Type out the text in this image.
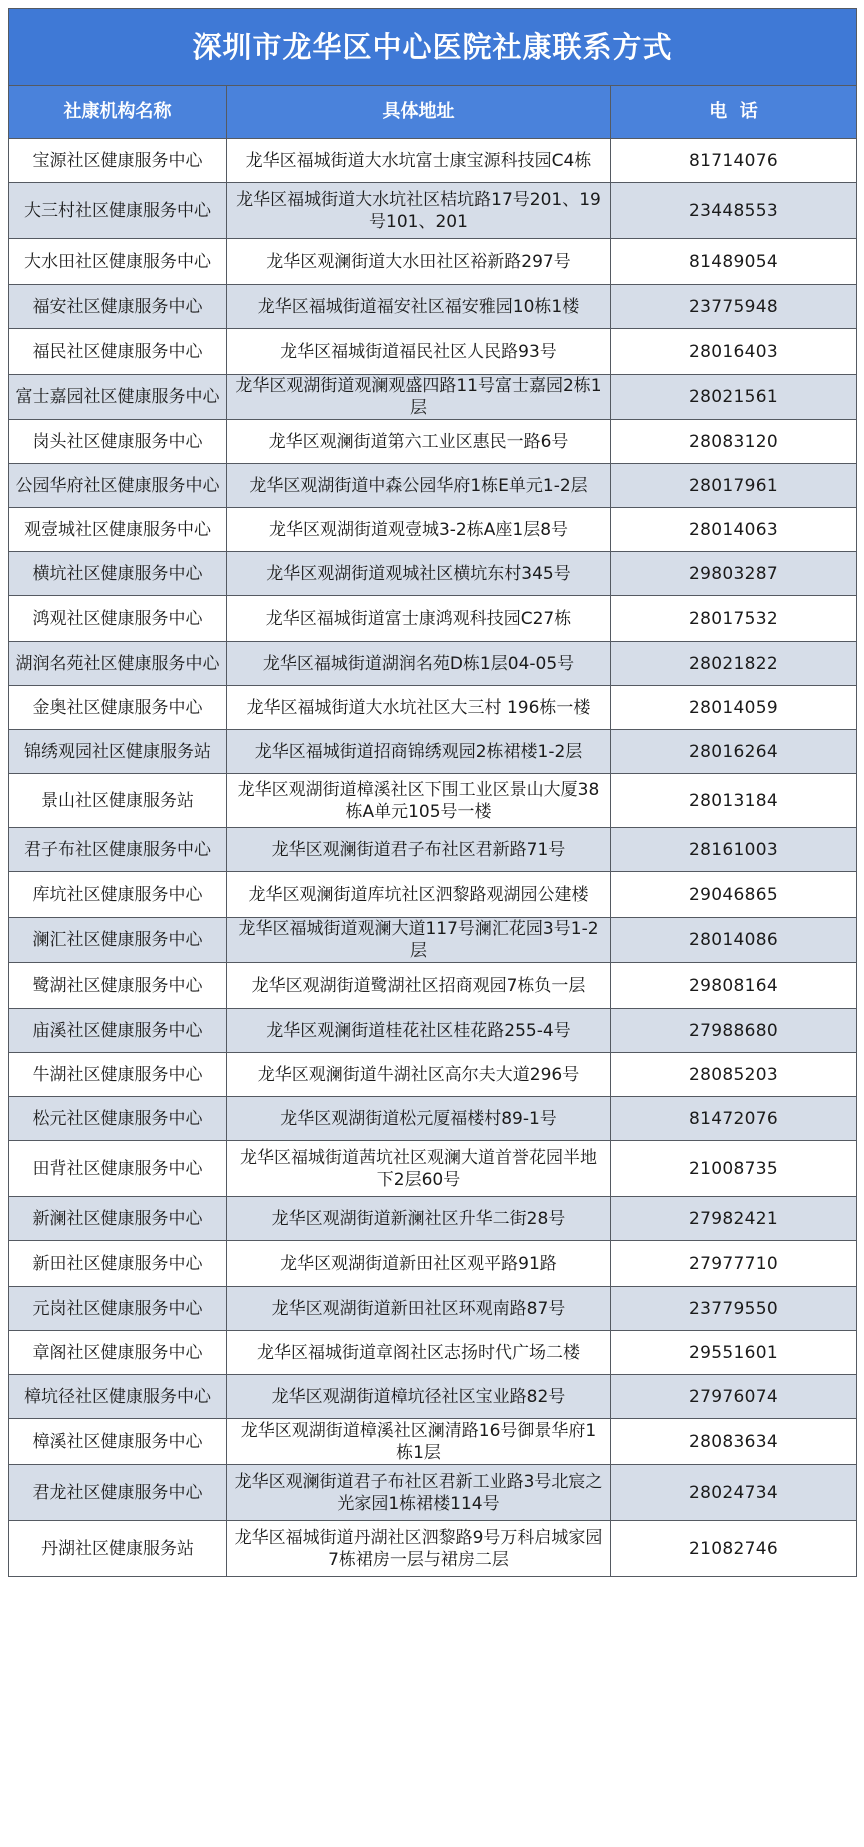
深圳市龙华区中心医院社康联系方式		
社康机构名称	具体地址	电  话
宝源社区健康服务中心	龙华区福城街道大水坑富士康宝源科技园C4栋	81714076
大三村社区健康服务中心	龙华区福城街道大水坑社区桔坑路17号201、19号101、201	23448553
大水田社区健康服务中心	龙华区观澜街道大水田社区裕新路297号	81489054
福安社区健康服务中心	龙华区福城街道福安社区福安雅园10栋1楼	23775948
福民社区健康服务中心	龙华区福城街道福民社区人民路93号	28016403
富士嘉园社区健康服务中心	龙华区观湖街道观澜观盛四路11号富士嘉园2栋1层	28021561
岗头社区健康服务中心	龙华区观澜街道第六工业区惠民一路6号	28083120
公园华府社区健康服务中心	龙华区观湖街道中森公园华府1栋E单元1-2层	28017961
观壹城社区健康服务中心	龙华区观湖街道观壹城3-2栋A座1层8号	28014063
横坑社区健康服务中心	龙华区观湖街道观城社区横坑东村345号	29803287
鸿观社区健康服务中心	龙华区福城街道富士康鸿观科技园C27栋	28017532
湖润名苑社区健康服务中心	龙华区福城街道湖润名苑D栋1层04-05号	28021822
金奥社区健康服务中心	龙华区福城街道大水坑社区大三村 196栋一楼	28014059
锦绣观园社区健康服务站	龙华区福城街道招商锦绣观园2栋裙楼1-2层	28016264
景山社区健康服务站	龙华区观湖街道樟溪社区下围工业区景山大厦38栋A单元105号一楼	28013184
君子布社区健康服务中心	龙华区观澜街道君子布社区君新路71号	28161003
库坑社区健康服务中心	龙华区观澜街道库坑社区泗黎路观湖园公建楼	29046865
澜汇社区健康服务中心	龙华区福城街道观澜大道117号澜汇花园3号1-2层	28014086
鹭湖社区健康服务中心	龙华区观湖街道鹭湖社区招商观园7栋负一层	29808164
庙溪社区健康服务中心	龙华区观澜街道桂花社区桂花路255-4号	27988680
牛湖社区健康服务中心	龙华区观澜街道牛湖社区高尔夫大道296号	28085203
松元社区健康服务中心	龙华区观湖街道松元厦福楼村89-1号	81472076
田背社区健康服务中心	龙华区福城街道茜坑社区观澜大道首誉花园半地下2层60号	21008735
新澜社区健康服务中心	龙华区观湖街道新澜社区升华二街28号	27982421
新田社区健康服务中心	龙华区观湖街道新田社区观平路91路	27977710
元岗社区健康服务中心	龙华区观湖街道新田社区环观南路87号	23779550
章阁社区健康服务中心	龙华区福城街道章阁社区志扬时代广场二楼	29551601
樟坑径社区健康服务中心	龙华区观湖街道樟坑径社区宝业路82号	27976074
樟溪社区健康服务中心	龙华区观湖街道樟溪社区澜清路16号御景华府1栋1层	28083634
君龙社区健康服务中心	龙华区观澜街道君子布社区君新工业路3号北宸之光家园1栋裙楼114号	28024734
丹湖社区健康服务站	龙华区福城街道丹湖社区泗黎路9号万科启城家园7栋裙房一层与裙房二层	21082746
